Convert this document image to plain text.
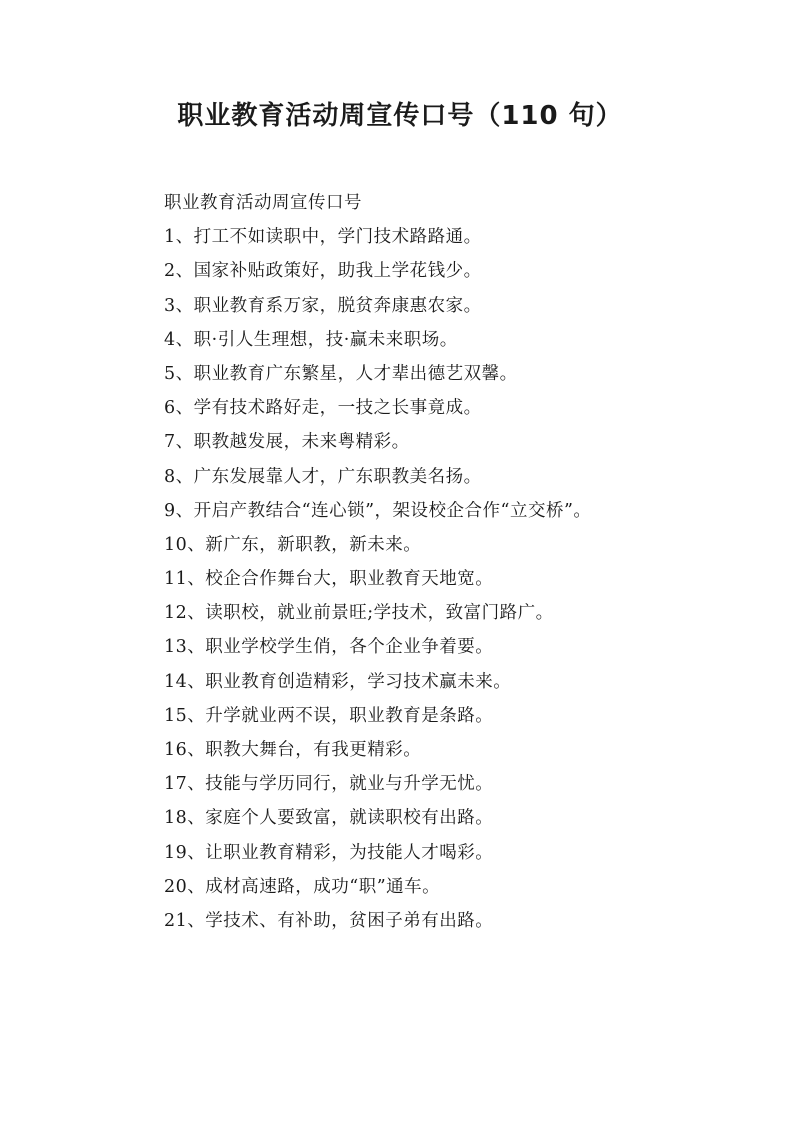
职业教育活动周宣传口号（110 句）

职业教育活动周宣传口号

1、打工不如读职中，学门技术路路通。
2、国家补贴政策好，助我上学花钱少。
3、职业教育系万家，脱贫奔康惠农家。
4、职·引人生理想，技·赢未来职场。
5、职业教育广东繁星，人才辈出德艺双馨。
6、学有技术路好走，一技之长事竟成。
7、职教越发展，未来粤精彩。
8、广东发展靠人才，广东职教美名扬。
9、开启产教结合“连心锁”，架设校企合作“立交桥”。
10、新广东，新职教，新未来。
11、校企合作舞台大，职业教育天地宽。
12、读职校，就业前景旺;学技术，致富门路广。
13、职业学校学生俏，各个企业争着要。
14、职业教育创造精彩，学习技术赢未来。
15、升学就业两不误，职业教育是条路。
16、职教大舞台，有我更精彩。
17、技能与学历同行，就业与升学无忧。
18、家庭个人要致富，就读职校有出路。
19、让职业教育精彩，为技能人才喝彩。
20、成材高速路，成功“职”通车。
21、学技术、有补助，贫困子弟有出路。
